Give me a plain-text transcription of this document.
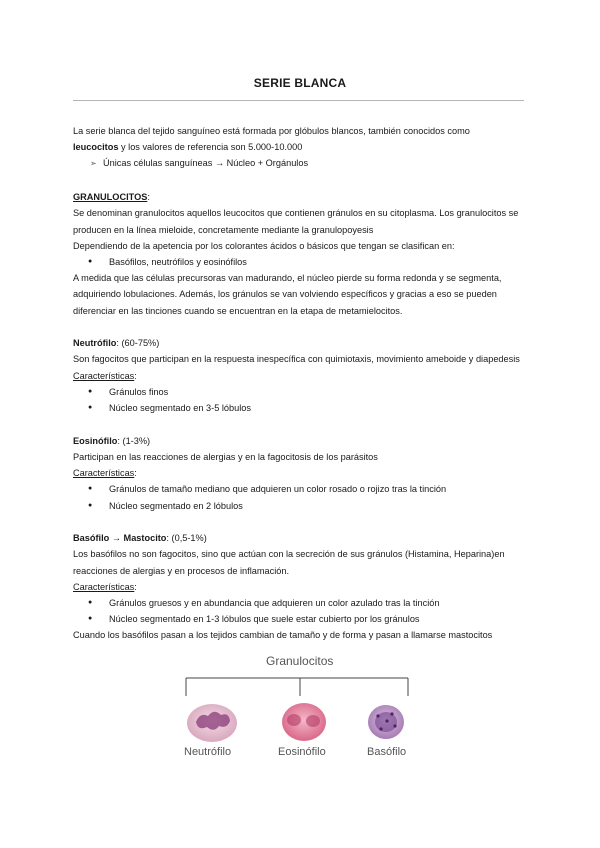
SERIE BLANCA

La serie blanca del tejido sanguíneo está formada por glóbulos blancos, también conocidos como
leucocitos y los valores de referencia son 5.000-10.000

➣ Únicas células sanguíneas → Núcleo + Orgánulos

GRANULOCITOS:

Se denominan granulocitos aquellos leucocitos que contienen gránulos en su citoplasma. Los granulocitos se producen en la línea mieloide, concretamente mediante la granulopoyesis

Dependiendo de la apetencia por los colorantes ácidos o básicos que tengan se clasifican en:

● Basófilos, neutrófilos y eosinófilos

A medida que las células precursoras van madurando, el núcleo pierde su forma redonda y se segmenta, adquiriendo lobulaciones. Además, los gránulos se van volviendo específicos y gracias a eso se pueden diferenciar en las tinciones cuando se encuentran en la etapa de metamielocitos.

Neutrófilo: (60-75%)

Son fagocitos que participan en la respuesta inespecífica con quimiotaxis, movimiento ameboide y diapedesis

Características:

● Gránulos finos
● Núcleo segmentado en 3-5 lóbulos

Eosinófilo: (1-3%)

Participan en las reacciones de alergias y en la fagocitosis de los parásitos

Características:

● Gránulos de tamaño mediano que adquieren un color rosado o rojizo tras la tinción
● Núcleo segmentado en 2 lóbulos

Basófilo → Mastocito: (0,5-1%)

Los basófilos no son fagocitos, sino que actúan con la secreción de sus gránulos (Histamina, Heparina)en reacciones de alergias y en procesos de inflamación.

Características:

● Gránulos gruesos y en abundancia que adquieren un color azulado tras la tinción
● Núcleo segmentado en 1-3 lóbulos que suele estar cubierto por los gránulos

Cuando los basófilos pasan a los tejidos cambian de tamaño y de forma y pasan a llamarse mastocitos

Granulocitos
Neutrófilo	Eosinófilo	Basófilo
